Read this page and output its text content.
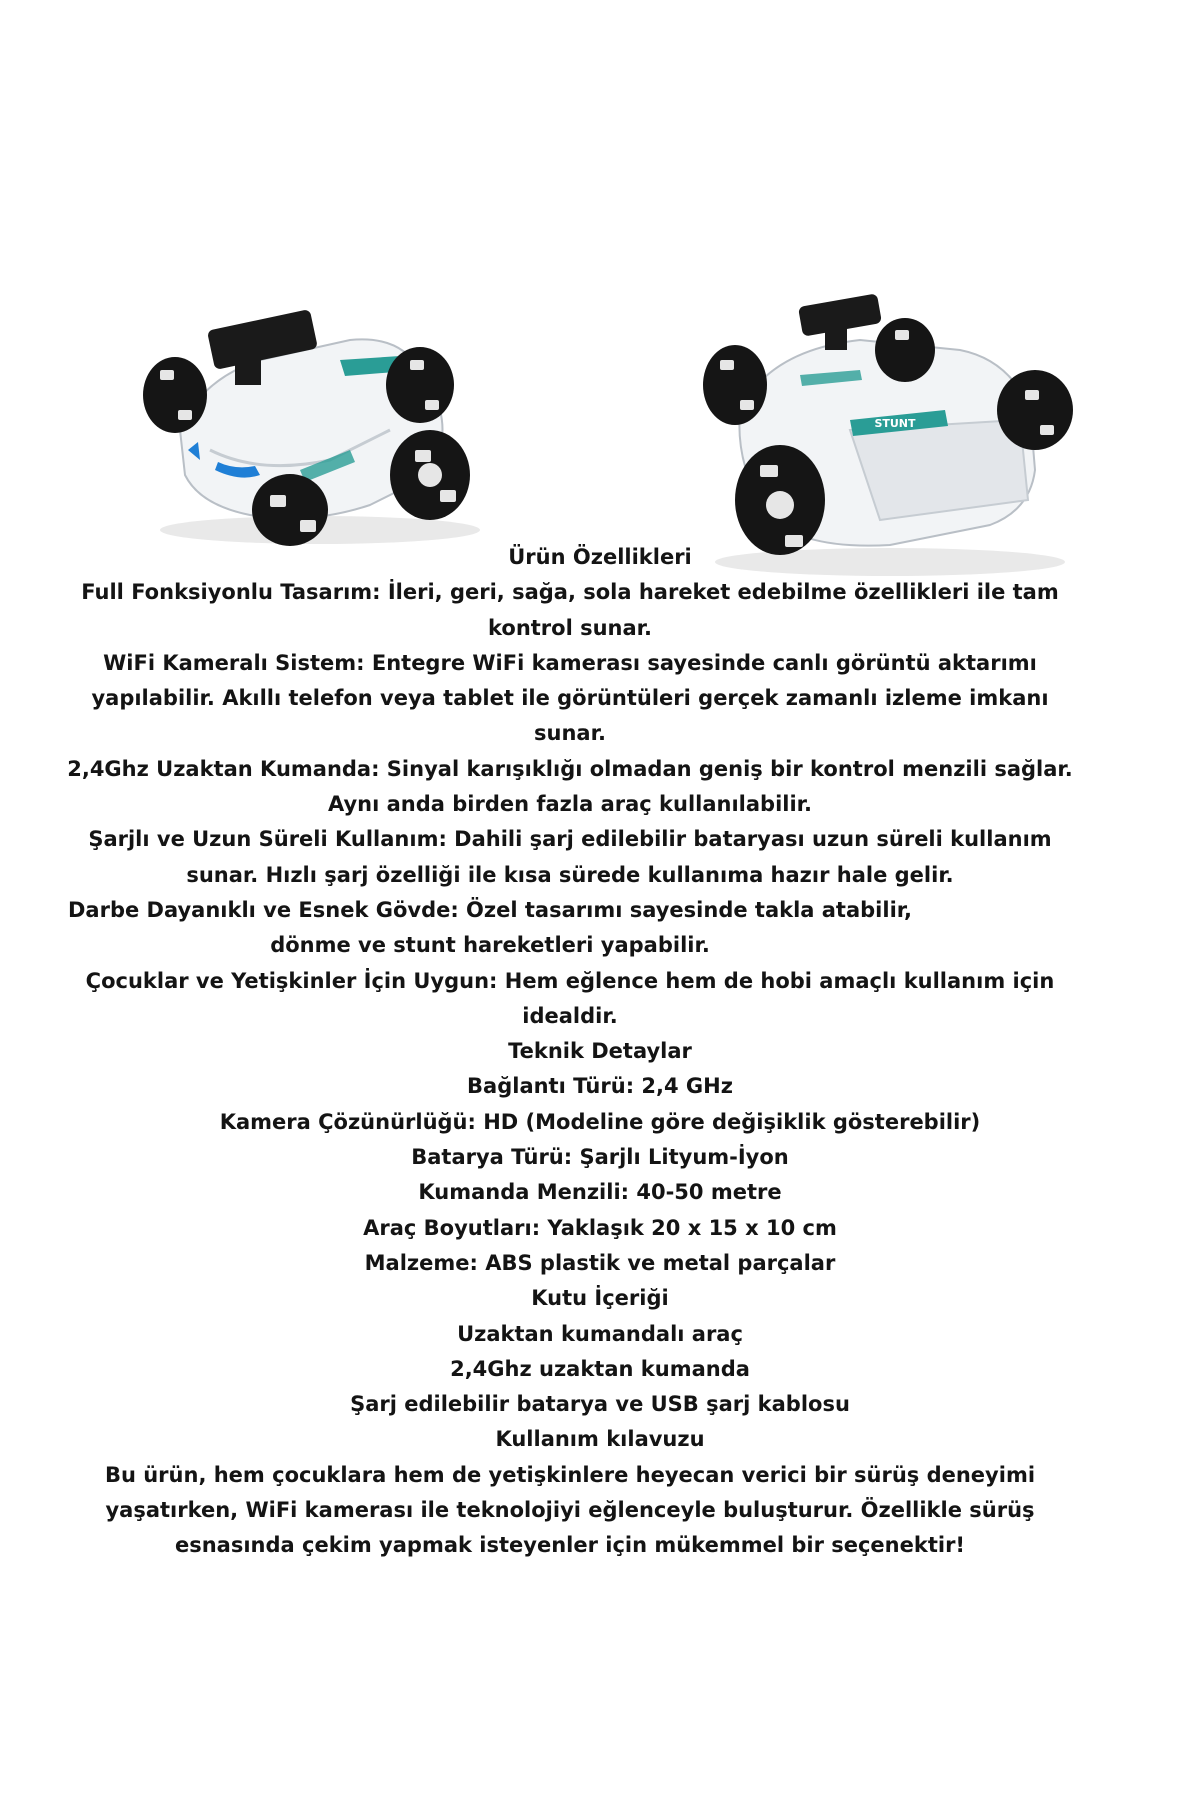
STUNT

Ürün Özellikleri

Full Fonksiyonlu Tasarım: İleri, geri, sağa, sola hareket edebilme özellikleri ile tam kontrol sunar.

WiFi Kameralı Sistem: Entegre WiFi kamerası sayesinde canlı görüntü aktarımı yapılabilir. Akıllı telefon veya tablet ile görüntüleri gerçek zamanlı izleme imkanı sunar.

2,4Ghz Uzaktan Kumanda: Sinyal karışıklığı olmadan geniş bir kontrol menzili sağlar. Aynı anda birden fazla araç kullanılabilir.

Şarjlı ve Uzun Süreli Kullanım: Dahili şarj edilebilir bataryası uzun süreli kullanım sunar. Hızlı şarj özelliği ile kısa sürede kullanıma hazır hale gelir.

Darbe Dayanıklı ve Esnek Gövde: Özel tasarımı sayesinde takla atabilir, dönme ve stunt hareketleri yapabilir.

Çocuklar ve Yetişkinler İçin Uygun: Hem eğlence hem de hobi amaçlı kullanım için idealdir.

Teknik Detaylar

Bağlantı Türü: 2,4 GHz

Kamera Çözünürlüğü: HD (Modeline göre değişiklik gösterebilir)

Batarya Türü: Şarjlı Lityum-İyon

Kumanda Menzili: 40-50 metre

Araç Boyutları: Yaklaşık 20 x 15 x 10 cm

Malzeme: ABS plastik ve metal parçalar

Kutu İçeriği

Uzaktan kumandalı araç

2,4Ghz uzaktan kumanda

Şarj edilebilir batarya ve USB şarj kablosu

Kullanım kılavuzu

Bu ürün, hem çocuklara hem de yetişkinlere heyecan verici bir sürüş deneyimi yaşatırken, WiFi kamerası ile teknolojiyi eğlenceyle buluşturur. Özellikle sürüş esnasında çekim yapmak isteyenler için mükemmel bir seçenektir!
